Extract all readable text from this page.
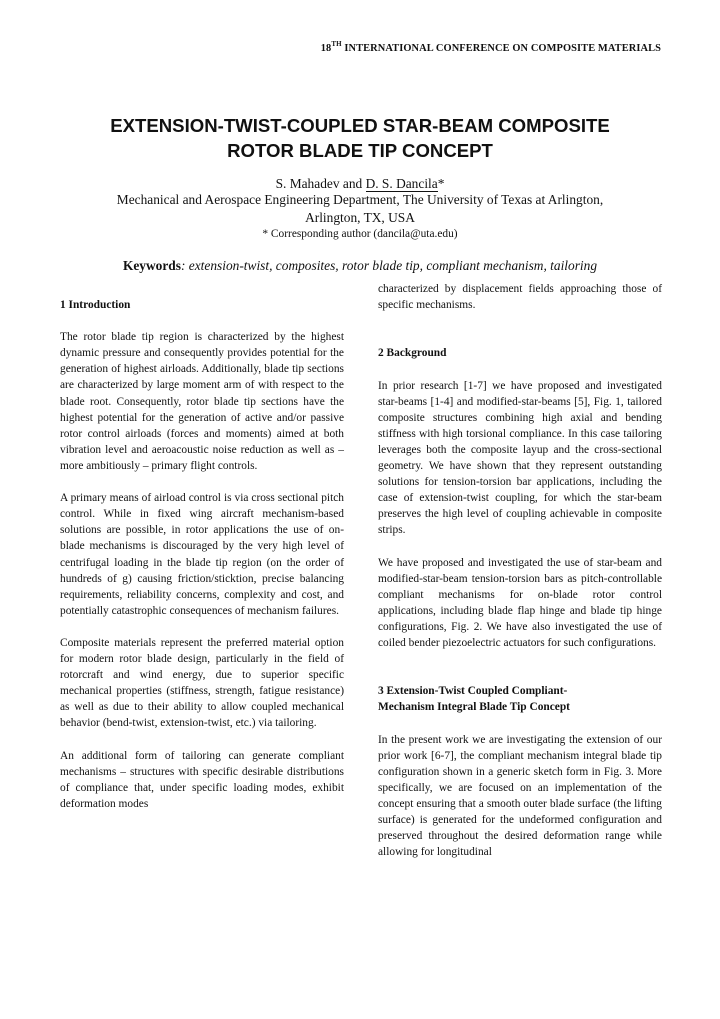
18TH INTERNATIONAL CONFERENCE ON COMPOSITE MATERIALS
EXTENSION-TWIST-COUPLED STAR-BEAM COMPOSITE
ROTOR BLADE TIP CONCEPT
S. Mahadev and D. S. Dancila*
Mechanical and Aerospace Engineering Department, The University of Texas at Arlington,
Arlington, TX, USA
* Corresponding author (dancila@uta.edu)
Keywords: extension-twist, composites, rotor blade tip, compliant mechanism, tailoring
1 Introduction

The rotor blade tip region is characterized by the highest dynamic pressure and consequently provides potential for the generation of highest airloads. Additionally, blade tip sections are characterized by large moment arm of with respect to the blade root. Consequently, rotor blade tip sections have the highest potential for the generation of active and/or passive rotor control airloads (forces and moments) aimed at both vibration level and aeroacoustic noise reduction as well as – more ambitiously – primary flight controls.

A primary means of airload control is via cross sectional pitch control. While in fixed wing aircraft mechanism-based solutions are possible, in rotor applications the use of on-blade mechanisms is discouraged by the very high level of centrifugal loading in the blade tip region (on the order of hundreds of g) causing friction/sticktion, precise balancing requirements, reliability concerns, complexity and cost, and potentially catastrophic consequences of mechanism failures.

Composite materials represent the preferred material option for modern rotor blade design, particularly in the field of rotorcraft and wind energy, due to superior specific mechanical properties (stiffness, strength, fatigue resistance) as well as due to their ability to allow coupled mechanical behavior (bend-twist, extension-twist, etc.) via tailoring.

An additional form of tailoring can generate compliant mechanisms – structures with specific desirable distributions of compliance that, under specific loading modes, exhibit deformation modes

characterized by displacement fields approaching those of specific mechanisms.

2 Background

In prior research [1-7] we have proposed and investigated star-beams [1-4] and modified-star-beams [5], Fig. 1, tailored composite structures combining high axial and bending stiffness with high torsional compliance. In this case tailoring leverages both the composite layup and the cross-sectional geometry. We have shown that they represent outstanding solutions for tension-torsion bar applications, including the case of extension-twist coupling, for which the star-beam preserves the high level of coupling achievable in composite strips.

We have proposed and investigated the use of star-beam and modified-star-beam tension-torsion bars as pitch-controllable compliant mechanisms for on-blade rotor control applications, including blade flap hinge and blade tip hinge configurations, Fig. 2. We have also investigated the use of coiled bender piezoelectric actuators for such configurations.

3 Extension-Twist Coupled Compliant-
Mechanism Integral Blade Tip Concept

In the present work we are investigating the extension of our prior work [6-7], the compliant mechanism integral blade tip configuration shown in a generic sketch form in Fig. 3. More specifically, we are focused on an implementation of the concept ensuring that a smooth outer blade surface (the lifting surface) is generated for the undeformed configuration and preserved throughout the desired deformation range while allowing for longitudinal
